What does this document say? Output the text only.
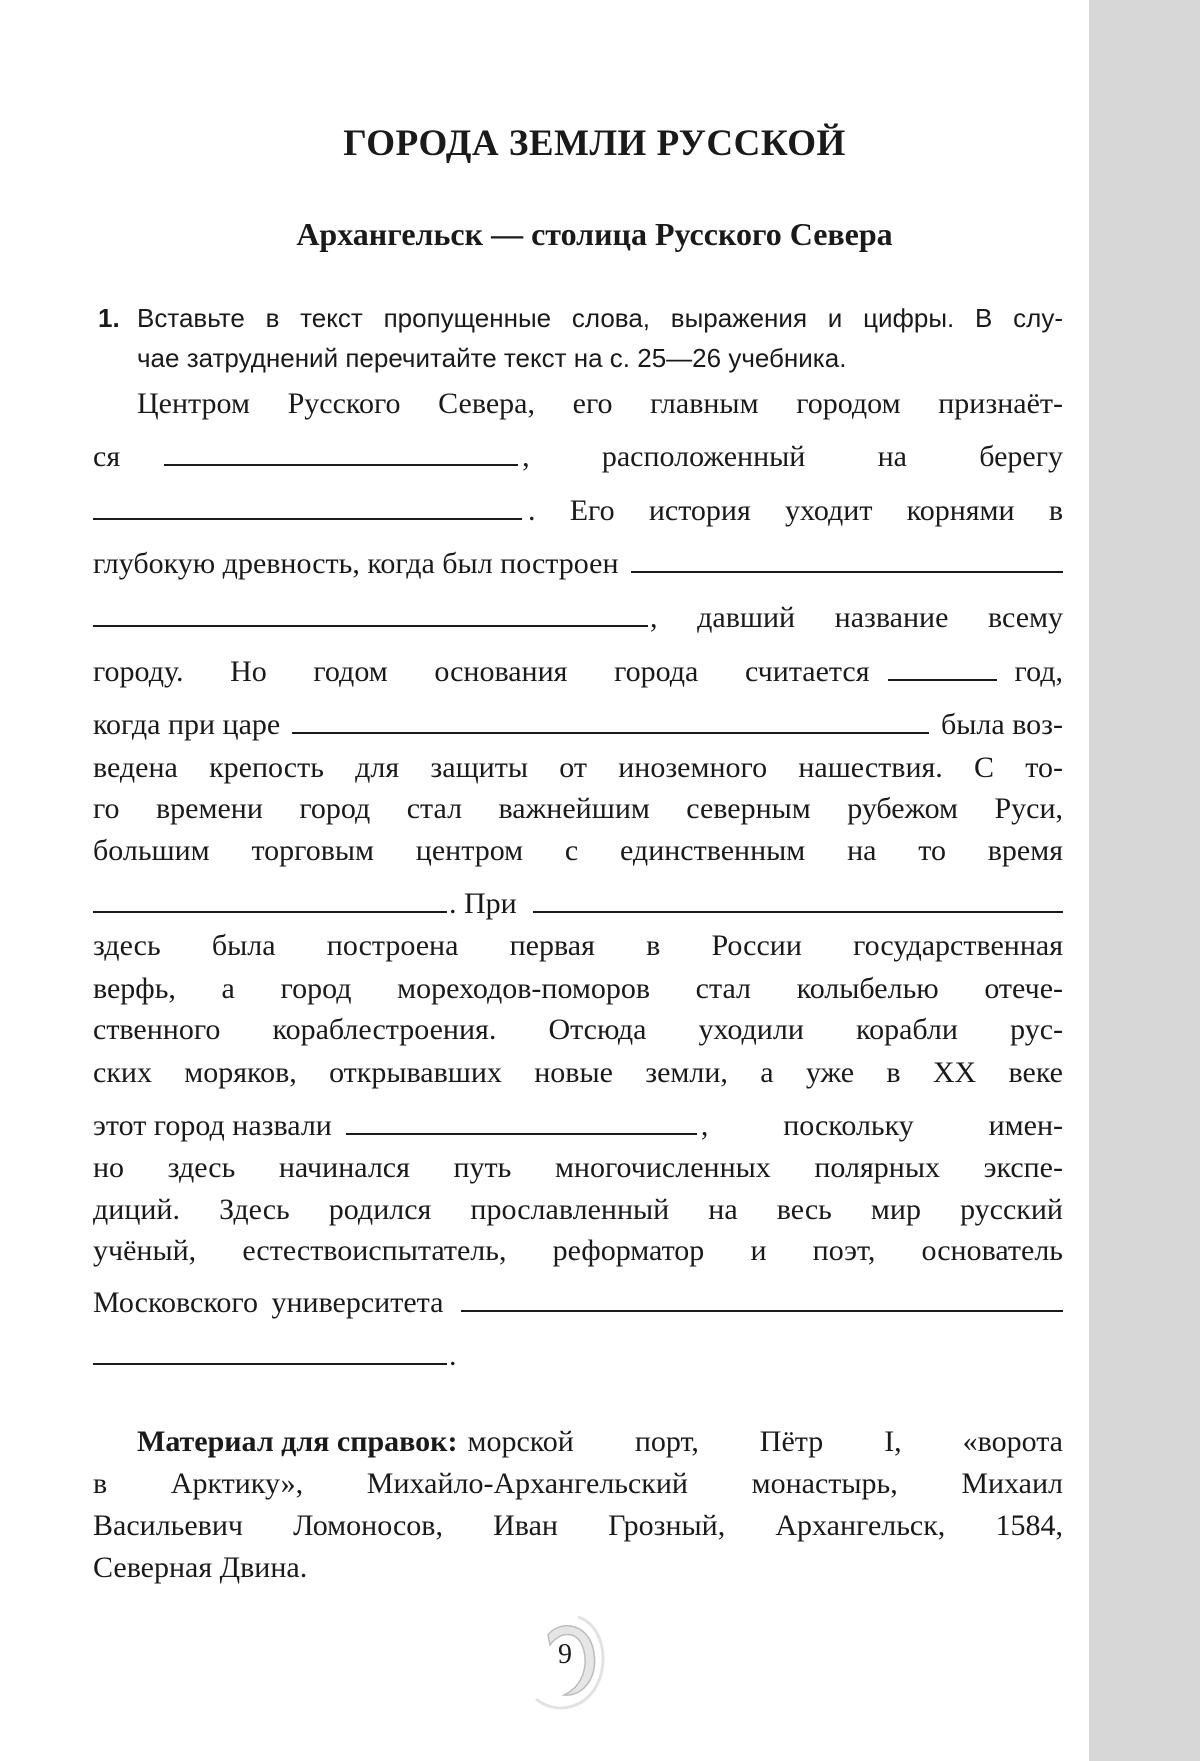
ГОРОДА ЗЕМЛИ РУССКОЙ
Архангельск — столица Русского Севера
1. Вставьте в текст пропущенные слова, выражения и цифры. В слу-
чае затруднений перечитайте текст на с. 25—26 учебника.
Центром Русского Севера, его главным городом признаёт-
ся	, расположенный на берегу
. Его история уходит корнями в
глубокую древность, когда был построен
, давший название всему
городу. Но годом основания города считается	год,
когда при царе	была воз-
ведена крепость для защиты от иноземного нашествия. С то-
го времени город стал важнейшим северным рубежом Руси,
большим торговым центром с единственным на то время
. При
здесь была построена первая в России государственная
верфь, а город мореходов-поморов стал колыбелью отече-
ственного кораблестроения. Отсюда уходили корабли рус-
ских моряков, открывавших новые земли, а уже в XX веке
этот город назвали	, поскольку имен-
но здесь начинался путь многочисленных полярных экспе-
диций. Здесь родился прославленный на весь мир русский
учёный, естествоиспытатель, реформатор и поэт, основатель
Московского университета
.
Материал для справок: морской порт, Пётр I, «ворота
в Арктику», Михайло-Архангельский монастырь, Михаил
Васильевич Ломоносов, Иван Грозный, Архангельск, 1584,
Северная Двина.
9
